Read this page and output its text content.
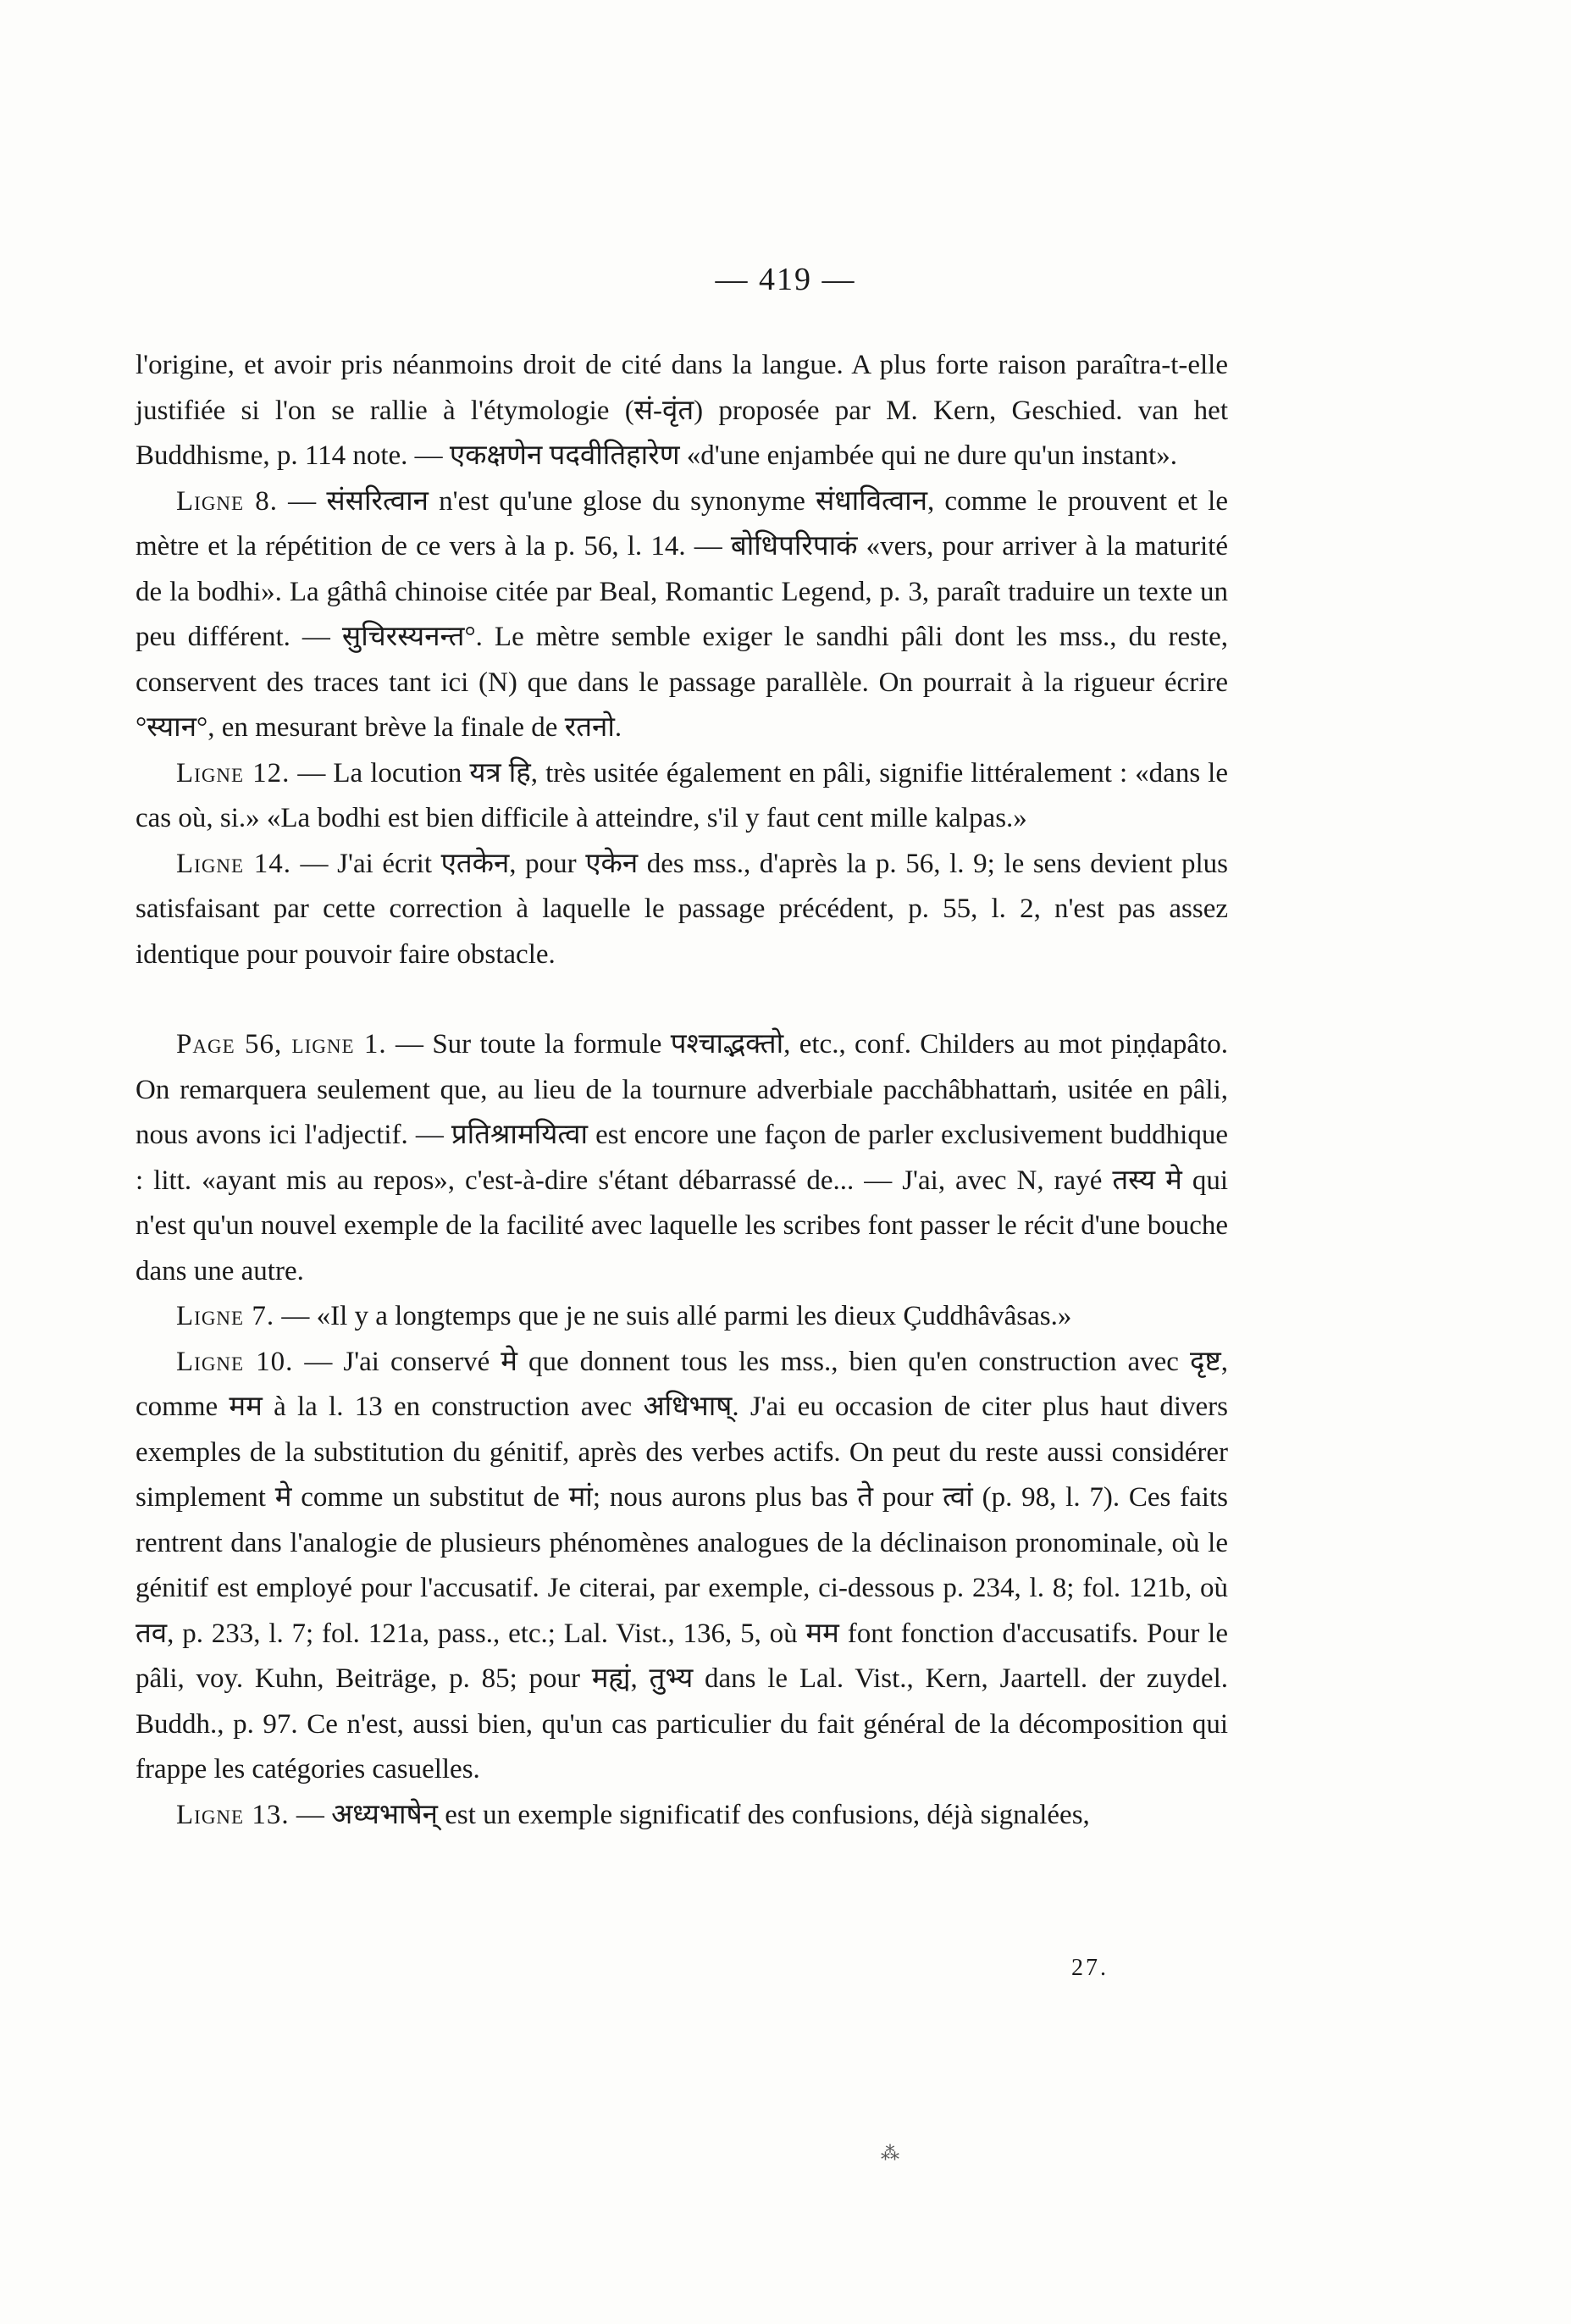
— 419 —

l'origine, et avoir pris néanmoins droit de cité dans la langue. A plus forte raison paraîtra-t-elle justifiée si l'on se rallie à l'étymologie (सं-वृंत) proposée par M. Kern, Geschied. van het Buddhisme, p. 114 note. — एकक्षणेन पदवीतिहारेण «d'une enjambée qui ne dure qu'un instant».

Ligne 8. — संसरित्वान n'est qu'une glose du synonyme संधावित्वान, comme le prouvent et le mètre et la répétition de ce vers à la p. 56, l. 14. — बोधिपरिपाकं «vers, pour arriver à la maturité de la bodhi». La gâthâ chinoise citée par Beal, Romantic Legend, p. 3, paraît traduire un texte un peu différent. — सुचिरस्यनन्त°. Le mètre semble exiger le sandhi pâli dont les mss., du reste, conservent des traces tant ici (N) que dans le passage parallèle. On pourrait à la rigueur écrire °स्यान°, en mesurant brève la finale de रतनो.

Ligne 12. — La locution यत्र हि, très usitée également en pâli, signifie littéralement : «dans le cas où, si.» «La bodhi est bien difficile à atteindre, s'il y faut cent mille kalpas.»

Ligne 14. — J'ai écrit एतकेन, pour एकेन des mss., d'après la p. 56, l. 9; le sens devient plus satisfaisant par cette correction à laquelle le passage précédent, p. 55, l. 2, n'est pas assez identique pour pouvoir faire obstacle.

Page 56, ligne 1. — Sur toute la formule पश्चाद्भक्तो, etc., conf. Childers au mot piṇḍapâto. On remarquera seulement que, au lieu de la tournure adverbiale pacchâbhattaṁ, usitée en pâli, nous avons ici l'adjectif. — प्रतिश्रामयित्वा est encore une façon de parler exclusivement buddhique : litt. «ayant mis au repos», c'est-à-dire s'étant débarrassé de... — J'ai, avec N, rayé तस्य मे qui n'est qu'un nouvel exemple de la facilité avec laquelle les scribes font passer le récit d'une bouche dans une autre.

Ligne 7. — «Il y a longtemps que je ne suis allé parmi les dieux Çuddhâvâsas.»

Ligne 10. — J'ai conservé मे que donnent tous les mss., bien qu'en construction avec दृष्ट, comme मम à la l. 13 en construction avec अधिभाष्. J'ai eu occasion de citer plus haut divers exemples de la substitution du génitif, après des verbes actifs. On peut du reste aussi considérer simplement मे comme un substitut de मां; nous aurons plus bas ते pour त्वां (p. 98, l. 7). Ces faits rentrent dans l'analogie de plusieurs phénomènes analogues de la déclinaison pronominale, où le génitif est employé pour l'accusatif. Je citerai, par exemple, ci-dessous p. 234, l. 8; fol. 121b, où तव, p. 233, l. 7; fol. 121a, pass., etc.; Lal. Vist., 136, 5, où मम font fonction d'accusatifs. Pour le pâli, voy. Kuhn, Beiträge, p. 85; pour मह्यं, तुभ्य dans le Lal. Vist., Kern, Jaartell. der zuydel. Buddh., p. 97. Ce n'est, aussi bien, qu'un cas particulier du fait général de la décomposition qui frappe les catégories casuelles.

Ligne 13. — अध्यभाषेन् est un exemple significatif des confusions, déjà signalées,

27.
⁂
